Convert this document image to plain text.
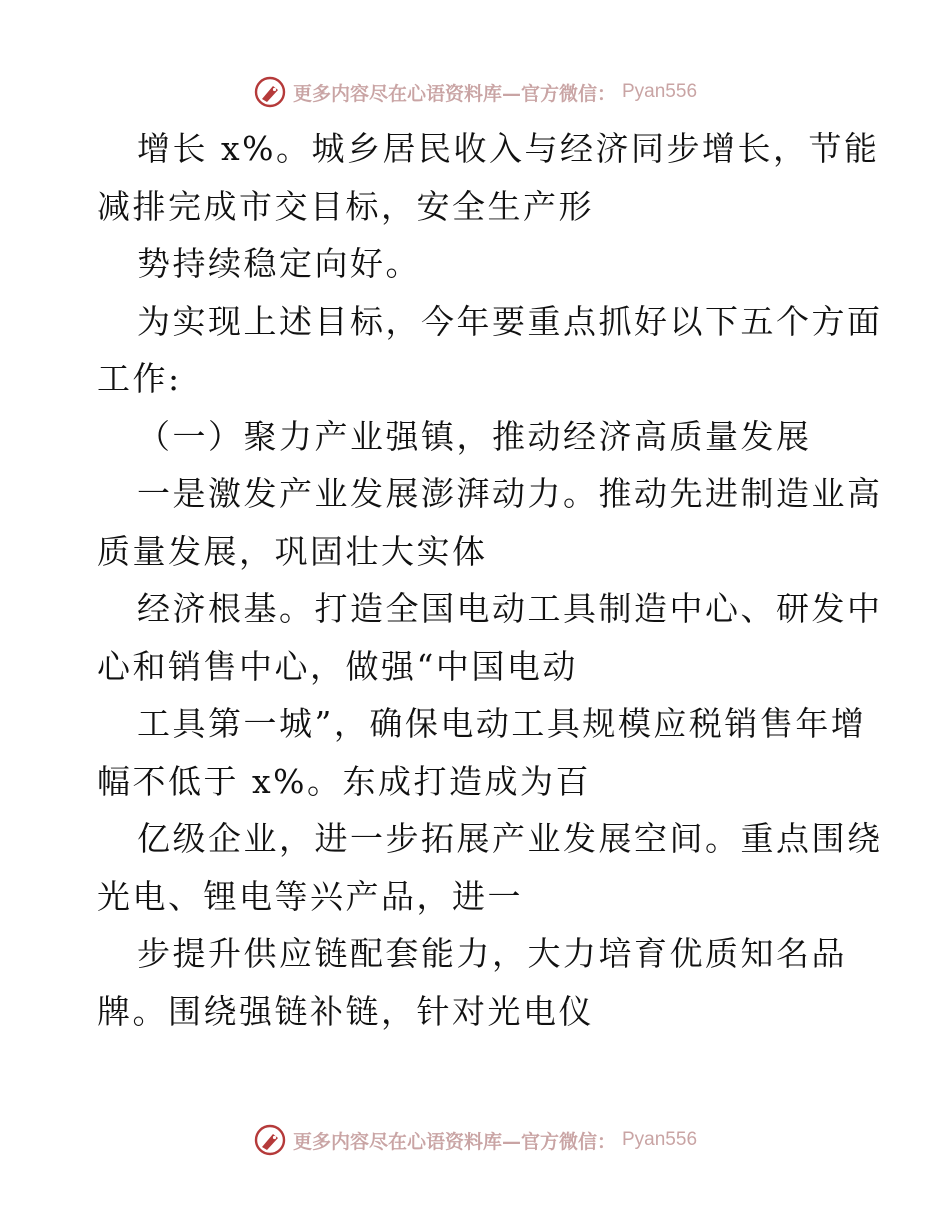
更多内容尽在心语资料库—官方微信： Pyan556
增长 x%。城乡居民收入与经济同步增长，节能
减排完成市交目标，安全生产形
势持续稳定向好。
为实现上述目标，今年要重点抓好以下五个方面
工作:
（一）聚力产业强镇，推动经济高质量发展
一是激发产业发展澎湃动力。推动先进制造业高
质量发展，巩固壮大实体
经济根基。打造全国电动工具制造中心、研发中
心和销售中心，做强“中国电动
工具第一城”，确保电动工具规模应税销售年增
幅不低于 x%。东成打造成为百
亿级企业，进一步拓展产业发展空间。重点围绕
光电、锂电等兴产品，进一
步提升供应链配套能力，大力培育优质知名品
牌。围绕强链补链，针对光电仪
更多内容尽在心语资料库—官方微信： Pyan556
